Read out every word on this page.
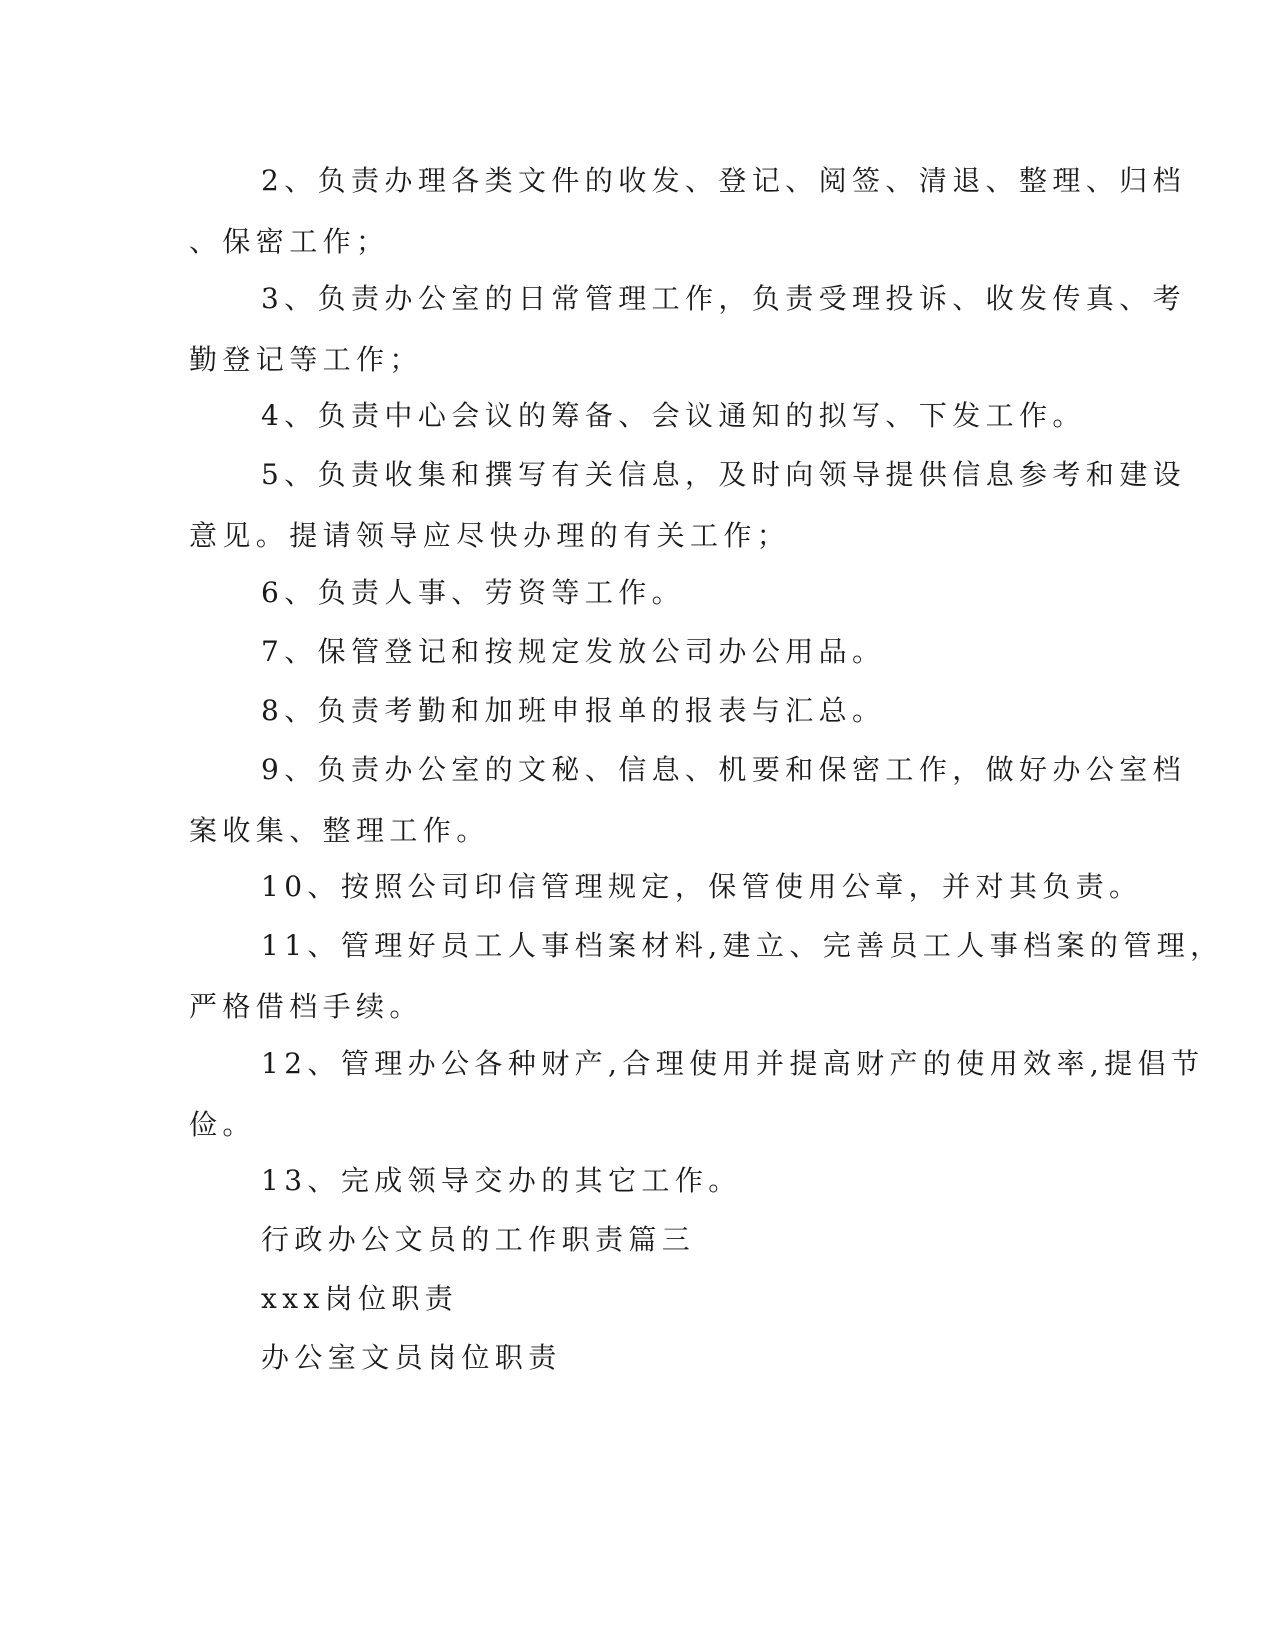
2、负责办理各类文件的收发、登记、阅签、清退、整理、归档
、保密工作；
3、负责办公室的日常管理工作，负责受理投诉、收发传真、考
勤登记等工作；
4、负责中心会议的筹备、会议通知的拟写、下发工作。
5、负责收集和撰写有关信息，及时向领导提供信息参考和建设
意见。提请领导应尽快办理的有关工作；
6、负责人事、劳资等工作。
7、保管登记和按规定发放公司办公用品。
8、负责考勤和加班申报单的报表与汇总。
9、负责办公室的文秘、信息、机要和保密工作，做好办公室档
案收集、整理工作。
10、按照公司印信管理规定，保管使用公章，并对其负责。
11、管理好员工人事档案材料,建立、完善员工人事档案的管理，
严格借档手续。
12、管理办公各种财产,合理使用并提高财产的使用效率,提倡节
俭。
13、完成领导交办的其它工作。
行政办公文员的工作职责篇三
xxx岗位职责
办公室文员岗位职责
